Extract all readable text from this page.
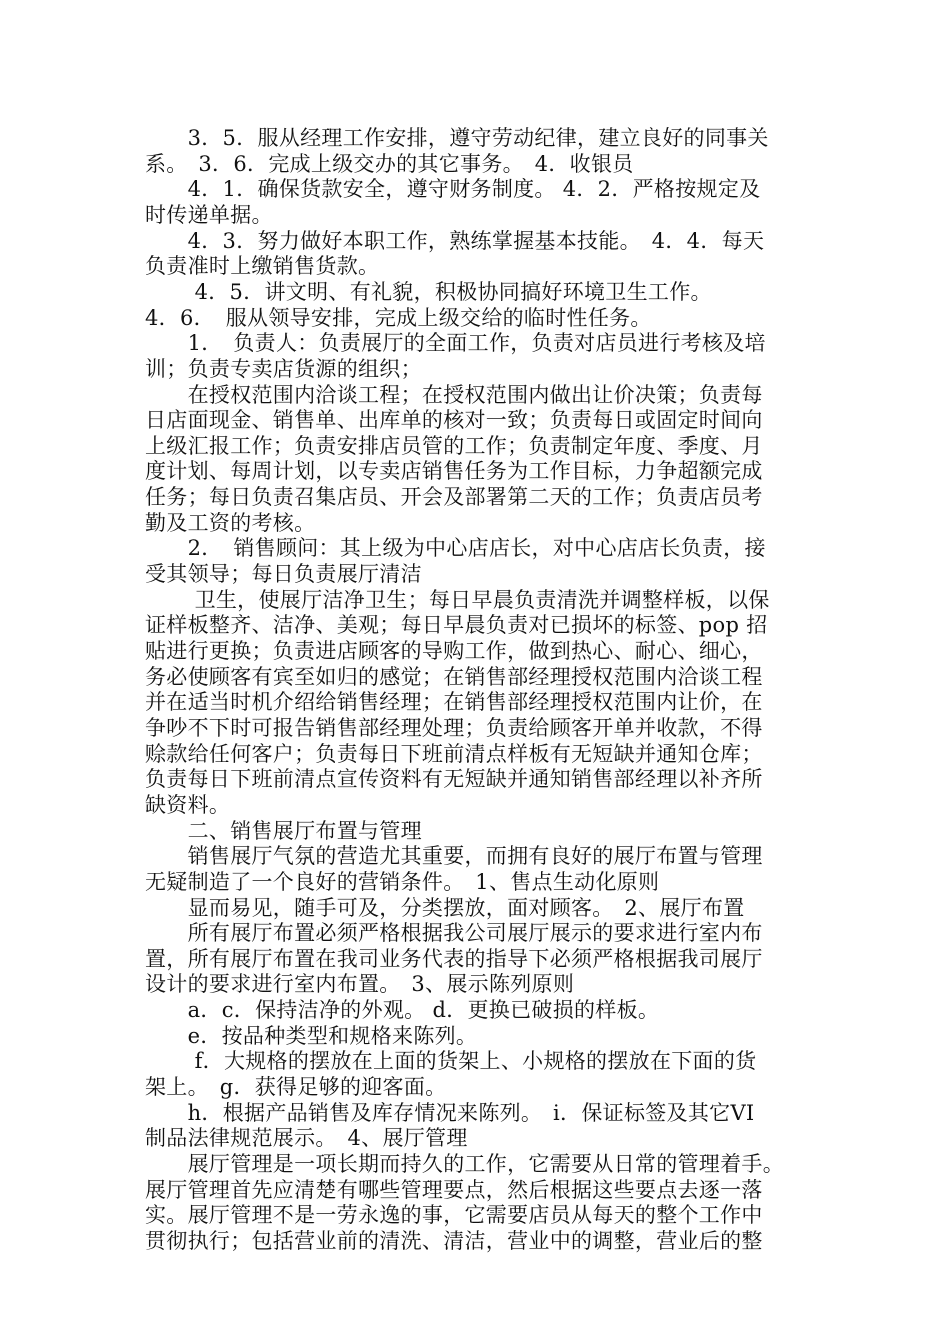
　　3．5．服从经理工作安排，遵守劳动纪律，建立良好的同事关
系。　3．6．完成上级交办的其它事务。　4．收银员
　　4．1．确保货款安全，遵守财务制度。 4．2．严格按规定及
时传递单据。
　　4．3．努力做好本职工作，熟练掌握基本技能。　4．4．每天
负责准时上缴销售货款。
　　 4．5．讲文明、有礼貌，积极协同搞好环境卫生工作。
4．6．　服从领导安排，完成上级交给的临时性任务。
　　1．　负责人：负责展厅的全面工作，负责对店员进行考核及培
训；负责专卖店货源的组织；
　　在授权范围内洽谈工程；在授权范围内做出让价决策；负责每
日店面现金、销售单、出库单的核对一致；负责每日或固定时间向
上级汇报工作；负责安排店员管的工作；负责制定年度、季度、月
度计划、每周计划，以专卖店销售任务为工作目标，力争超额完成
任务；每日负责召集店员、开会及部署第二天的工作；负责店员考
勤及工资的考核。
　　2．　销售顾问：其上级为中心店店长，对中心店店长负责，接
受其领导；每日负责展厅清洁
　　 卫生，使展厅洁净卫生；每日早晨负责清洗并调整样板，以保
证样板整齐、洁净、美观；每日早晨负责对已损坏的标签、pop 招
贴进行更换；负责进店顾客的导购工作，做到热心、耐心、细心，
务必使顾客有宾至如归的感觉；在销售部经理授权范围内洽谈工程
并在适当时机介绍给销售经理；在销售部经理授权范围内让价，在
争吵不下时可报告销售部经理处理；负责给顾客开单并收款，不得
赊款给任何客户；负责每日下班前清点样板有无短缺并通知仓库；
负责每日下班前清点宣传资料有无短缺并通知销售部经理以补齐所
缺资料。
　　二、销售展厅布置与管理
　　销售展厅气氛的营造尤其重要，而拥有良好的展厅布置与管理
无疑制造了一个良好的营销条件。　1、售点生动化原则
　　显而易见，随手可及，分类摆放，面对顾客。　2、展厅布置
　　所有展厅布置必须严格根据我公司展厅展示的要求进行室内布
置，所有展厅布置在我司业务代表的指导下必须严格根据我司展厅
设计的要求进行室内布置。　3、展示陈列原则
　　a．c．保持洁净的外观。 d．更换已破损的样板。
　　e．按品种类型和规格来陈列。
　　 f．大规格的摆放在上面的货架上、小规格的摆放在下面的货
架上。　g．获得足够的迎客面。
　　h．根据产品销售及库存情况来陈列。　i．保证标签及其它VI
制品法律规范展示。　4、展厅管理
　　展厅管理是一项长期而持久的工作，它需要从日常的管理着手。
展厅管理首先应清楚有哪些管理要点，然后根据这些要点去逐一落
实。展厅管理不是一劳永逸的事，它需要店员从每天的整个工作中
贯彻执行；包括营业前的清洗、清洁，营业中的调整，营业后的整
